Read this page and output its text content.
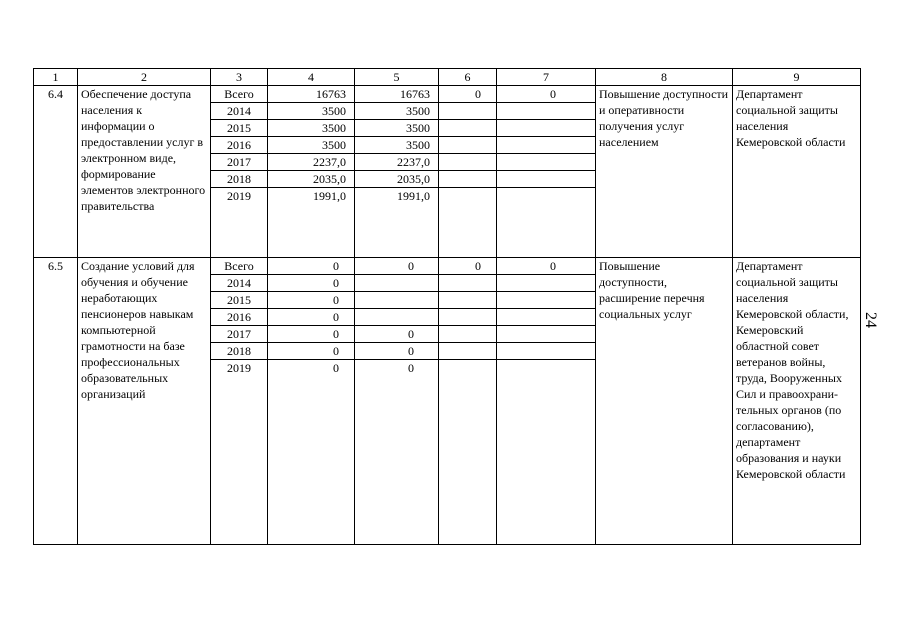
1	2	3	4	5	6	7	8	9
6.4	Обеспечение доступа населения к информации о предоставлении услуг в электронном виде, формирование элементов электронного правительства	Всего	16763	16763	0	0	Повышение доступности и оперативности получения услуг населением	Департамент социальной защиты населения Кемеровской области
		2014	3500	3500				
		2015	3500	3500				
		2016	3500	3500				
		2017	2237,0	2237,0				
		2018	2035,0	2035,0				
		2019	1991,0	1991,0				
6.5	Создание условий для обучения и обучение неработающих пенсионеров навыкам компьютерной грамотности на базе профессиональных образовательных организаций	Всего	0	0	0	0	Повышение доступности, расширение перечня социальных услуг	Департамент социальной защиты населения Кемеровской области, Кемеровский областной совет ветеранов войны, труда, Вооруженных Сил и правоохрани-тельных органов (по согласованию), департамент образования и науки Кемеровской области
		2014	0					
		2015	0					
		2016	0					
		2017	0	0				
		2018	0	0				
		2019	0	0				
24
